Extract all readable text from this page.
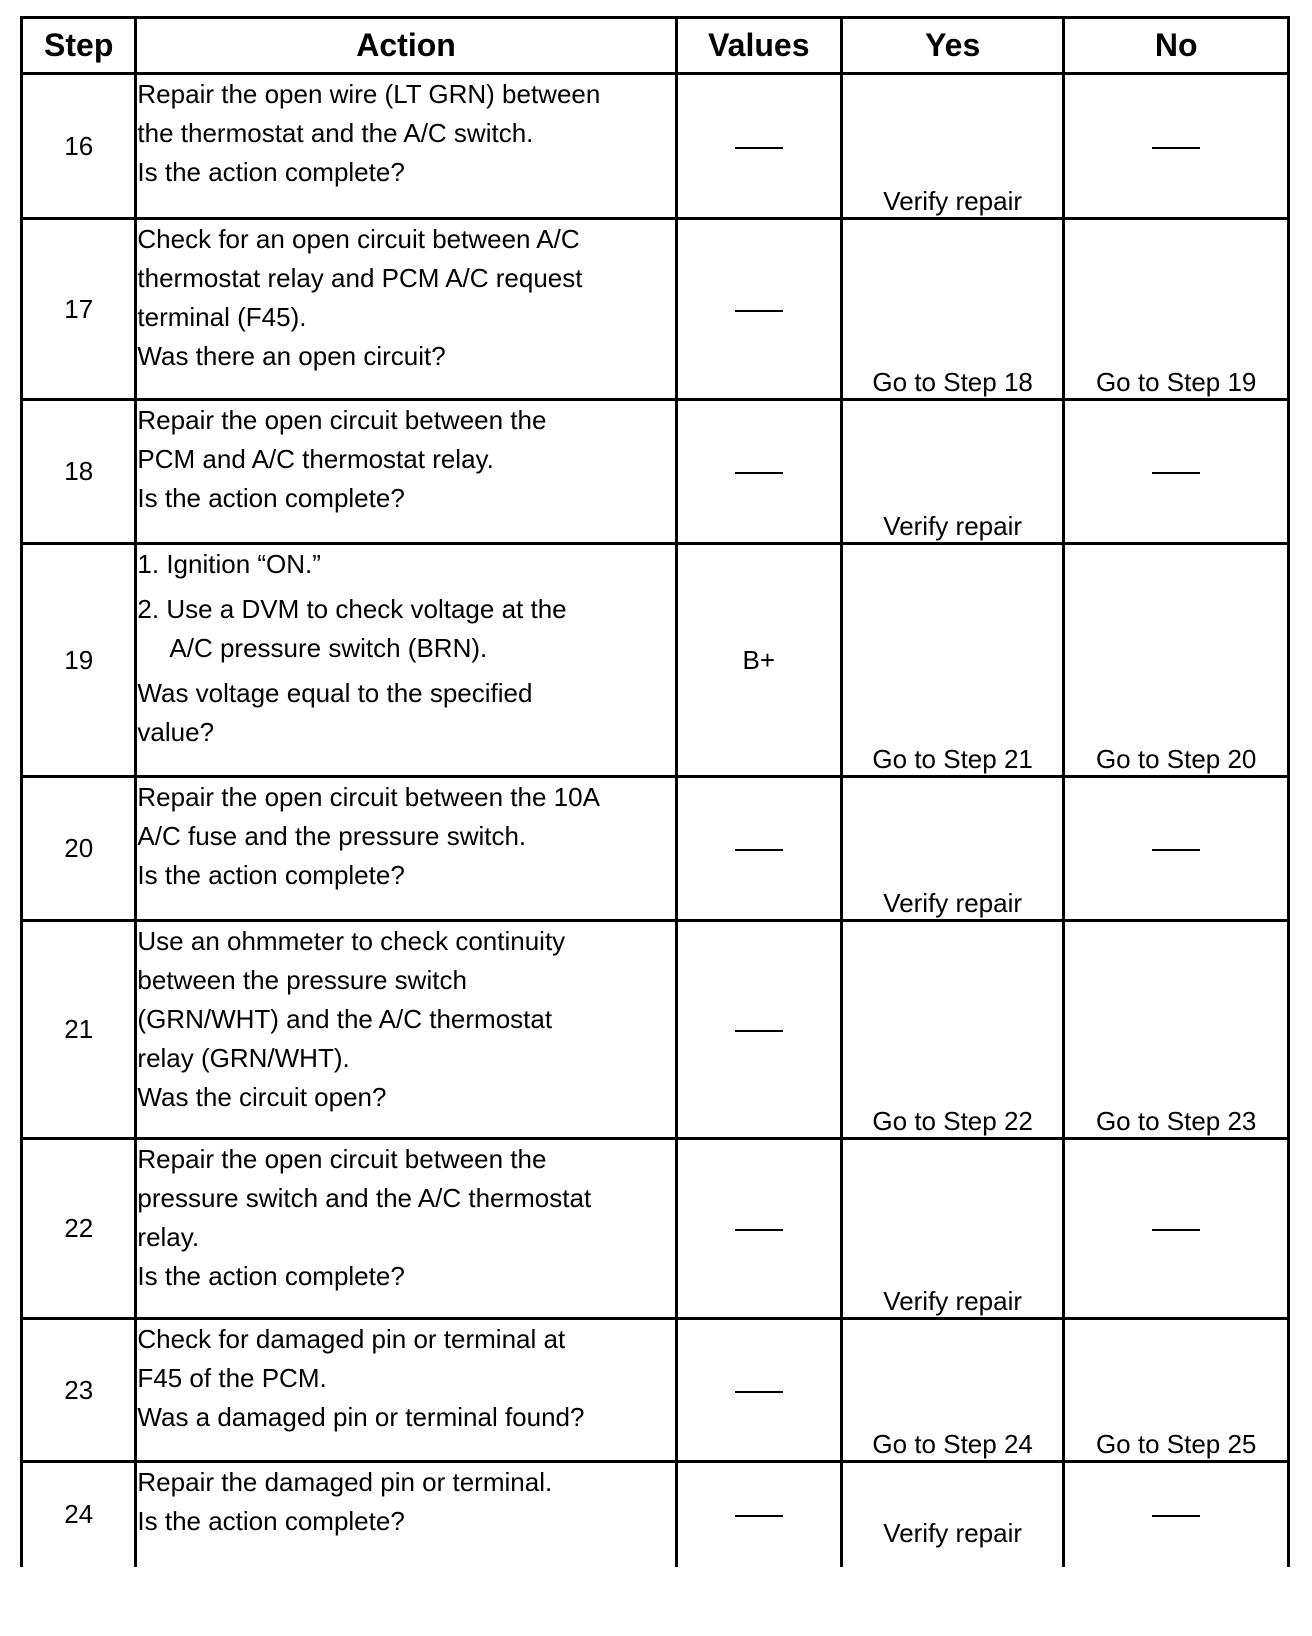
Step	Action	Values	Yes	No
16	Repair the open wire (LT GRN) between

the thermostat and the A/C switch.

Is the action complete?		Verify repair	
17	Check for an open circuit between A/C

thermostat relay and PCM A/C request

terminal (F45).

Was there an open circuit?		Go to Step 18	Go to Step 19
18	Repair the open circuit between the

PCM and A/C thermostat relay.

Is the action complete?		Verify repair	
19	1. Ignition “ON.”

2. Use a DVM to check voltage at the

A/C pressure switch (BRN).

Was voltage equal to the specified

value?	B+	Go to Step 21	Go to Step 20
20	Repair the open circuit between the 10A

A/C fuse and the pressure switch.

Is the action complete?		Verify repair	
21	Use an ohmmeter to check continuity

between the pressure switch

(GRN/WHT) and the A/C thermostat

relay (GRN/WHT).

Was the circuit open?		Go to Step 22	Go to Step 23
22	Repair the open circuit between the

pressure switch and the A/C thermostat

relay.

Is the action complete?		Verify repair	
23	Check for damaged pin or terminal at

F45 of the PCM.

Was a damaged pin or terminal found?		Go to Step 24	Go to Step 25
24	Repair the damaged pin or terminal.

Is the action complete?		Verify repair	
